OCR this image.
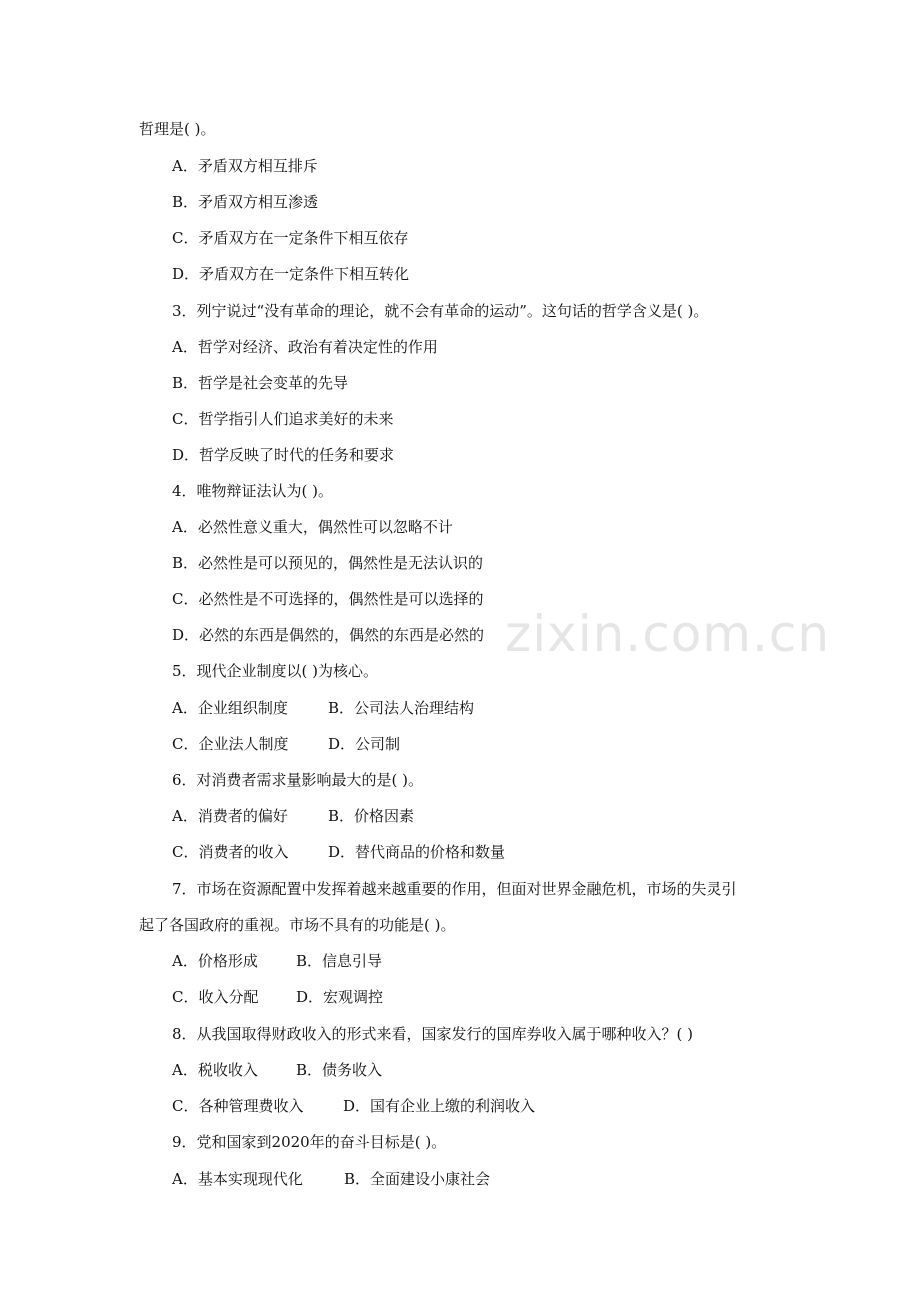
zixin.com.cn
哲理是( )。
A．矛盾双方相互排斥
B．矛盾双方相互渗透
C．矛盾双方在一定条件下相互依存
D．矛盾双方在一定条件下相互转化
3．列宁说过“没有革命的理论，就不会有革命的运动”。这句话的哲学含义是( )。
A．哲学对经济、政治有着决定性的作用
B．哲学是社会变革的先导
C．哲学指引人们追求美好的未来
D．哲学反映了时代的任务和要求
4．唯物辩证法认为( )。
A．必然性意义重大，偶然性可以忽略不计
B．必然性是可以预见的，偶然性是无法认识的
C．必然性是不可选择的，偶然性是可以选择的
D．必然的东西是偶然的，偶然的东西是必然的
5．现代企业制度以( )为核心。
A．企业组织制度	B．公司法人治理结构
C．企业法人制度	D．公司制
6．对消费者需求量影响最大的是( )。
A．消费者的偏好	B．价格因素
C．消费者的收入	D．替代商品的价格和数量
7．市场在资源配置中发挥着越来越重要的作用，但面对世界金融危机，市场的失灵引
起了各国政府的重视。市场不具有的功能是( )。
A．价格形成	B．信息引导
C．收入分配	D．宏观调控
8．从我国取得财政收入的形式来看，国家发行的国库券收入属于哪种收入？( )
A．税收收入	B．债务收入
C．各种管理费收入	D．国有企业上缴的利润收入
9．党和国家到2020年的奋斗目标是( )。
A．基本实现现代化	B．全面建设小康社会
